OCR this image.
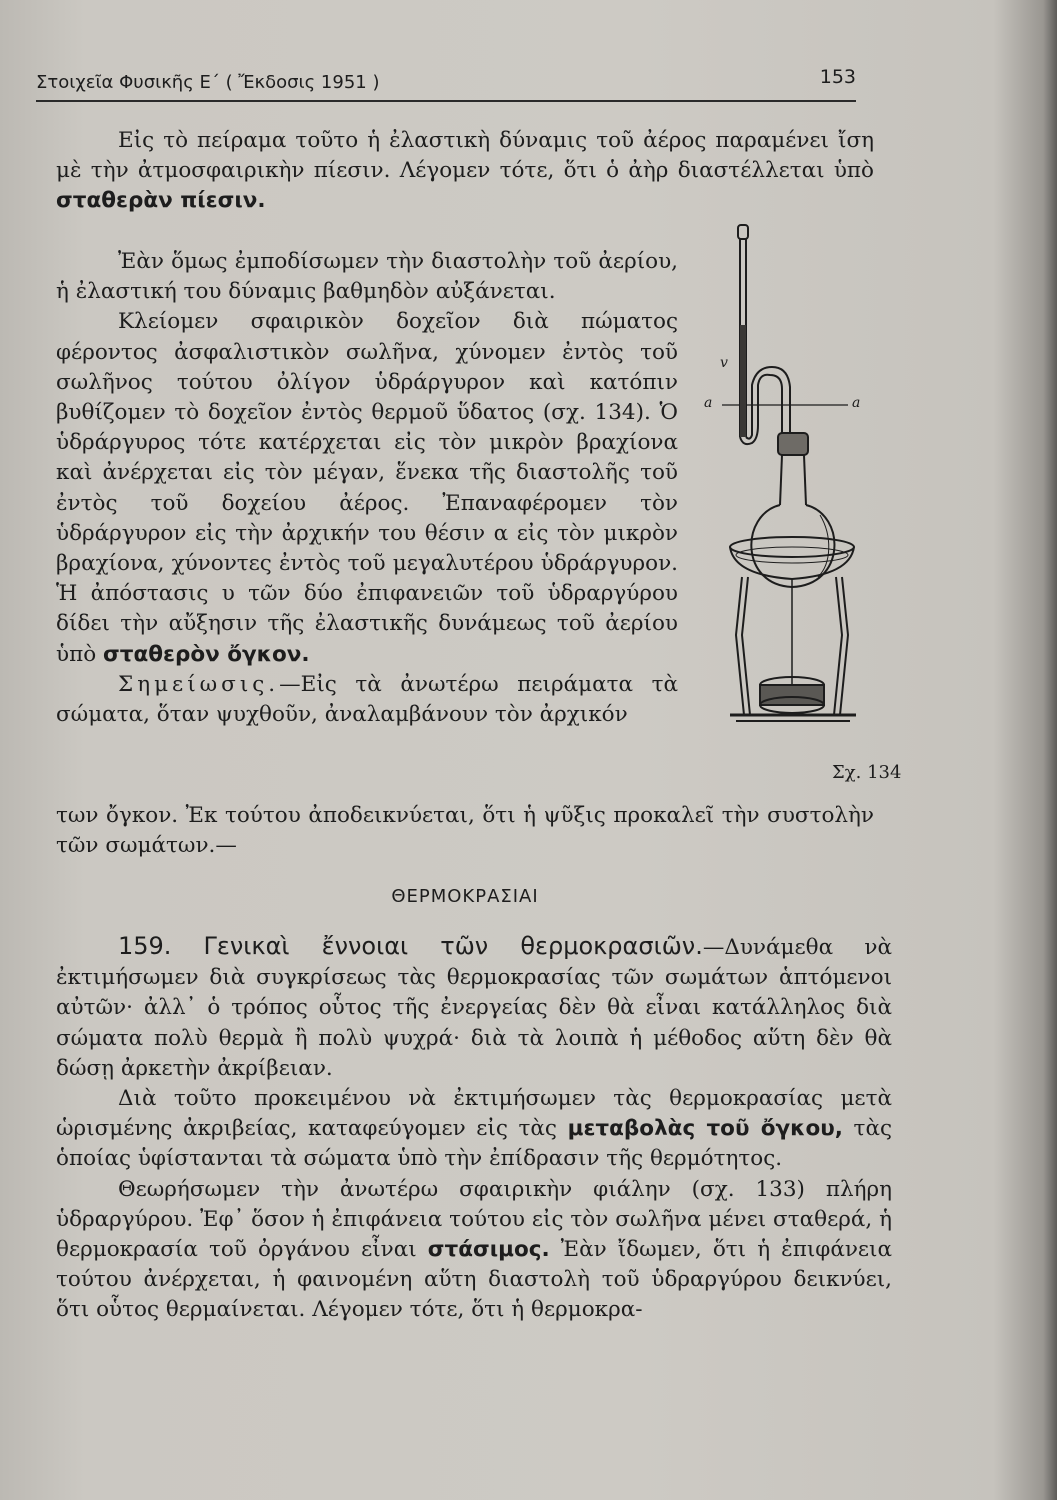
Στοιχεῖα Φυσικῆς Ε΄ ( Ἔκδοσις 1951 )	153

Εἰς τὸ πείραμα τοῦτο ἡ ἐλαστικὴ δύναμις τοῦ ἀέρος παραμένει ἴση μὲ τὴν ἀτμοσφαιρικὴν πίεσιν. Λέγομεν τότε, ὅτι ὁ ἀὴρ διαστέλλεται ὑπὸ σταθερὰν πίεσιν.

Ἐὰν ὅμως ἐμποδίσωμεν τὴν διαστολὴν τοῦ ἀερίου, ἡ ἐλαστική του δύναμις βαθμηδὸν αὐξάνεται.

Κλείομεν σφαιρικὸν δοχεῖον διὰ πώματος φέροντος ἀσφαλιστικὸν σωλῆνα, χύνομεν ἐντὸς τοῦ σωλῆνος τούτου ὀλίγον ὑδράργυρον καὶ κατόπιν βυθίζομεν τὸ δοχεῖον ἐντὸς θερμοῦ ὕδατος (σχ. 134). Ὁ ὑδράργυρος τότε κατέρχεται εἰς τὸν μικρὸν βραχίονα καὶ ἀνέρχεται εἰς τὸν μέγαν, ἕνεκα τῆς διαστολῆς τοῦ ἐντὸς τοῦ δοχείου ἀέρος. Ἐπαναφέρομεν τὸν ὑδράργυρον εἰς τὴν ἀρχικήν του θέσιν α εἰς τὸν μικρὸν βραχίονα, χύνοντες ἐντὸς τοῦ μεγαλυτέρου ὑδράργυρον. Ἡ ἀπόστασις υ τῶν δύο ἐπιφανειῶν τοῦ ὑδραργύρου δίδει τὴν αὔξησιν τῆς ἐλαστικῆς δυνάμεως τοῦ ἀερίου ὑπὸ σταθερὸν ὄγκον.

Σημείωσις.—Εἰς τὰ ἀνωτέρω πειράματα τὰ σώματα, ὅταν ψυχθοῦν, ἀναλαμβάνουν τὸν ἀρχικόν

των ὄγκον. Ἐκ τούτου ἀποδεικνύεται, ὅτι ἡ ψῦξις προκαλεῖ τὴν συστολὴν τῶν σωμάτων.—

a	a
v
Σχ. 134
ΘΕΡΜΟΚΡΑΣΙΑΙ

159. Γενικαὶ ἔννοιαι τῶν θερμοκρασιῶν.—Δυνάμεθα νὰ ἐκτιμήσωμεν διὰ συγκρίσεως τὰς θερμοκρασίας τῶν σωμάτων ἁπτόμενοι αὐτῶν· ἀλλ᾿ ὁ τρόπος οὗτος τῆς ἐνεργείας δὲν θὰ εἶναι κατάλληλος διὰ σώματα πολὺ θερμὰ ἢ πολὺ ψυχρά· διὰ τὰ λοιπὰ ἡ μέθοδος αὕτη δὲν θὰ δώσῃ ἀρκετὴν ἀκρίβειαν.

Διὰ τοῦτο προκειμένου νὰ ἐκτιμήσωμεν τὰς θερμοκρασίας μετὰ ὡρισμένης ἀκριβείας, καταφεύγομεν εἰς τὰς μεταβολὰς τοῦ ὄγκου, τὰς ὁποίας ὑφίστανται τὰ σώματα ὑπὸ τὴν ἐπίδρασιν τῆς θερμότητος.

Θεωρήσωμεν τὴν ἀνωτέρω σφαιρικὴν φιάλην (σχ. 133) πλήρη ὑδραργύρου. Ἐφ᾿ ὅσον ἡ ἐπιφάνεια τούτου εἰς τὸν σωλῆνα μένει σταθερά, ἡ θερμοκρασία τοῦ ὀργάνου εἶναι στάσιμος. Ἐὰν ἴδωμεν, ὅτι ἡ ἐπιφάνεια τούτου ἀνέρχεται, ἡ φαινομένη αὕτη διαστολὴ τοῦ ὑδραργύρου δεικνύει, ὅτι οὗτος θερμαίνεται. Λέγομεν τότε, ὅτι ἡ θερμοκρα-
